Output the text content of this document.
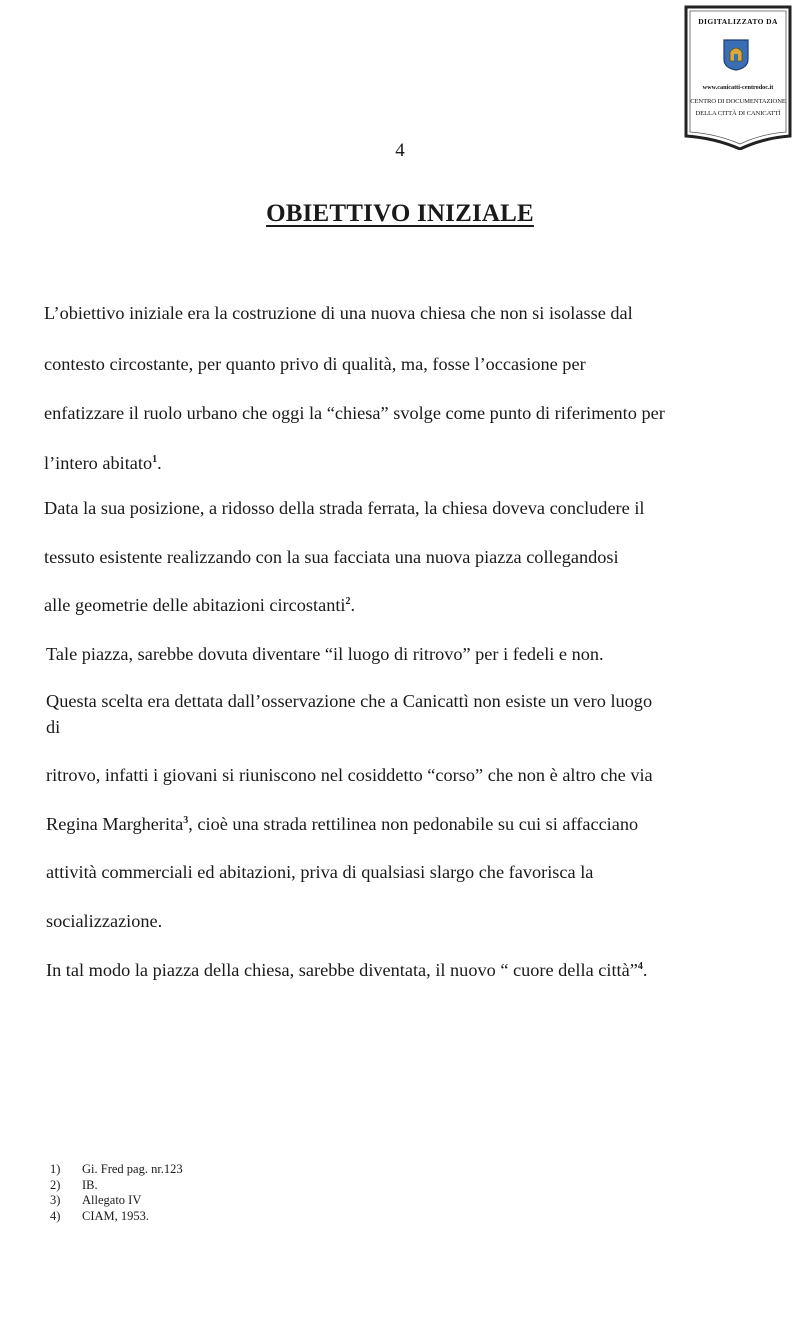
DIGITALIZZATO DA
www.canicatti-centrodoc.it
CENTRO DI DOCUMENTAZIONE
DELLA CITTÀ DI CANICATTÌ
4
OBIETTIVO INIZIALE
L’obiettivo iniziale era la costruzione di una nuova chiesa che non si isolasse dal
contesto circostante, per quanto privo di qualità, ma, fosse l’occasione per
enfatizzare il ruolo urbano che oggi la “chiesa” svolge come punto di riferimento per
l’intero abitato$^1$.
Data la sua posizione, a ridosso della strada ferrata, la chiesa doveva concludere il
tessuto esistente realizzando con la sua facciata una nuova piazza collegandosi
alle geometrie delle abitazioni circostanti$^2$.
Tale piazza, sarebbe dovuta diventare “il luogo di ritrovo” per i fedeli e non.
Questa scelta era dettata dall’osservazione che a Canicattì non esiste un vero luogo
di
ritrovo, infatti i giovani si riuniscono nel cosiddetto “corso” che non è altro che via
Regina Margherita$^3$, cioè una strada rettilinea non pedonabile su cui si affacciano
attività commerciali ed abitazioni, priva di qualsiasi slargo che favorisca la
socializzazione.
In tal modo la piazza della chiesa, sarebbe diventata, il nuovo “ cuore della città”$^4$.
1)	Gi. Fred pag. nr.123
2)	IB.
3)	Allegato IV
4)	CIAM, 1953.
